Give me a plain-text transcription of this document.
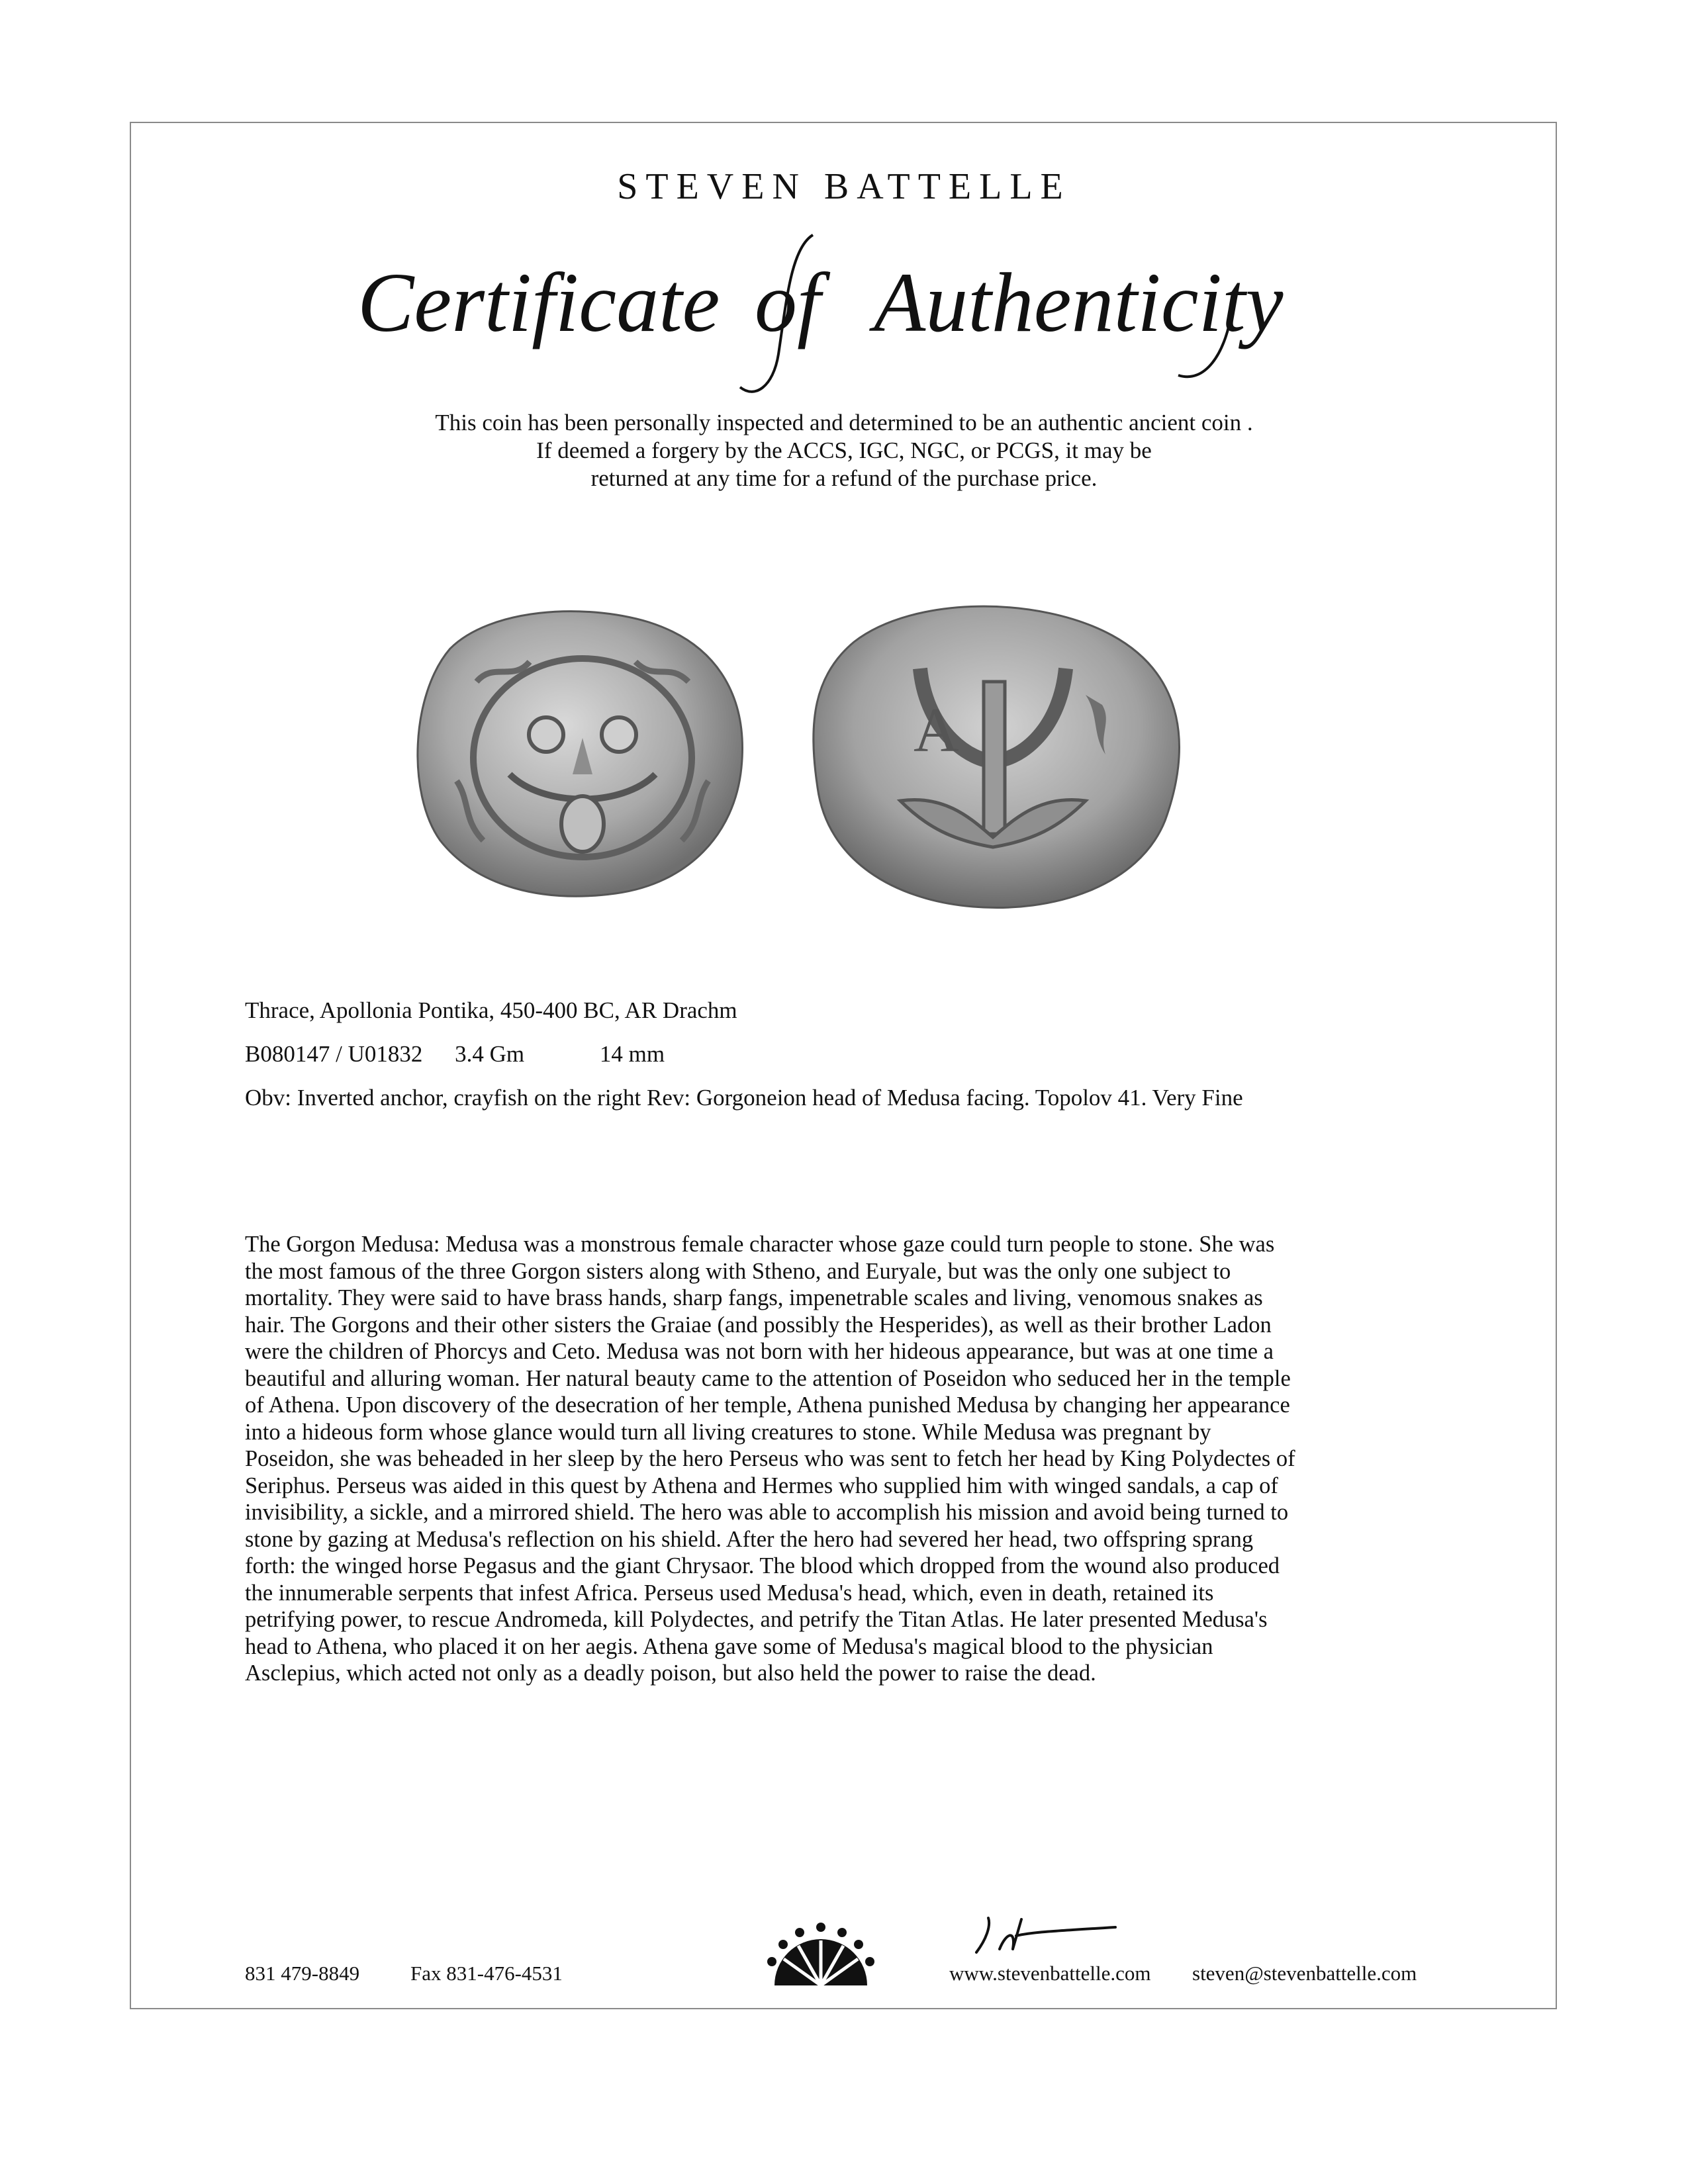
STEVEN BATTELLE
Certificate of Authenticity
This coin has been personally inspected and determined to be an authentic ancient coin .
If deemed a forgery by the ACCS, IGC, NGC, or PCGS, it may be
returned at any time for a refund of the purchase price.
A
Thrace, Apollonia Pontika, 450-400 BC, AR Drachm
B080147 / U01832 3.4 Gm	14 mm
Obv: Inverted anchor, crayfish on the right Rev: Gorgoneion head of Medusa facing. Topolov 41. Very Fine
The Gorgon Medusa: Medusa was a monstrous female character whose gaze could turn people to stone. She was
the most famous of the three Gorgon sisters along with Stheno, and Euryale, but was the only one subject to
mortality. They were said to have brass hands, sharp fangs, impenetrable scales and living, venomous snakes as
hair. The Gorgons and their other sisters the Graiae (and possibly the Hesperides), as well as their brother Ladon
were the children of Phorcys and Ceto. Medusa was not born with her hideous appearance, but was at one time a
beautiful and alluring woman. Her natural beauty came to the attention of Poseidon who seduced her in the temple
of Athena. Upon discovery of the desecration of her temple, Athena punished Medusa by changing her appearance
into a hideous form whose glance would turn all living creatures to stone. While Medusa was pregnant by
Poseidon, she was beheaded in her sleep by the hero Perseus who was sent to fetch her head by King Polydectes of
Seriphus. Perseus was aided in this quest by Athena and Hermes who supplied him with winged sandals, a cap of
invisibility, a sickle, and a mirrored shield. The hero was able to accomplish his mission and avoid being turned to
stone by gazing at Medusa's reflection on his shield. After the hero had severed her head, two offspring sprang
forth: the winged horse Pegasus and the giant Chrysaor. The blood which dropped from the wound also produced
the innumerable serpents that infest Africa. Perseus used Medusa's head, which, even in death, retained its
petrifying power, to rescue Andromeda, kill Polydectes, and petrify the Titan Atlas. He later presented Medusa's
head to Athena, who placed it on her aegis. Athena gave some of Medusa's magical blood to the physician
Asclepius, which acted not only as a deadly poison, but also held the power to raise the dead.
831 479-8849 Fax 831-476-4531	www.stevenbattelle.com steven@stevenbattelle.com
